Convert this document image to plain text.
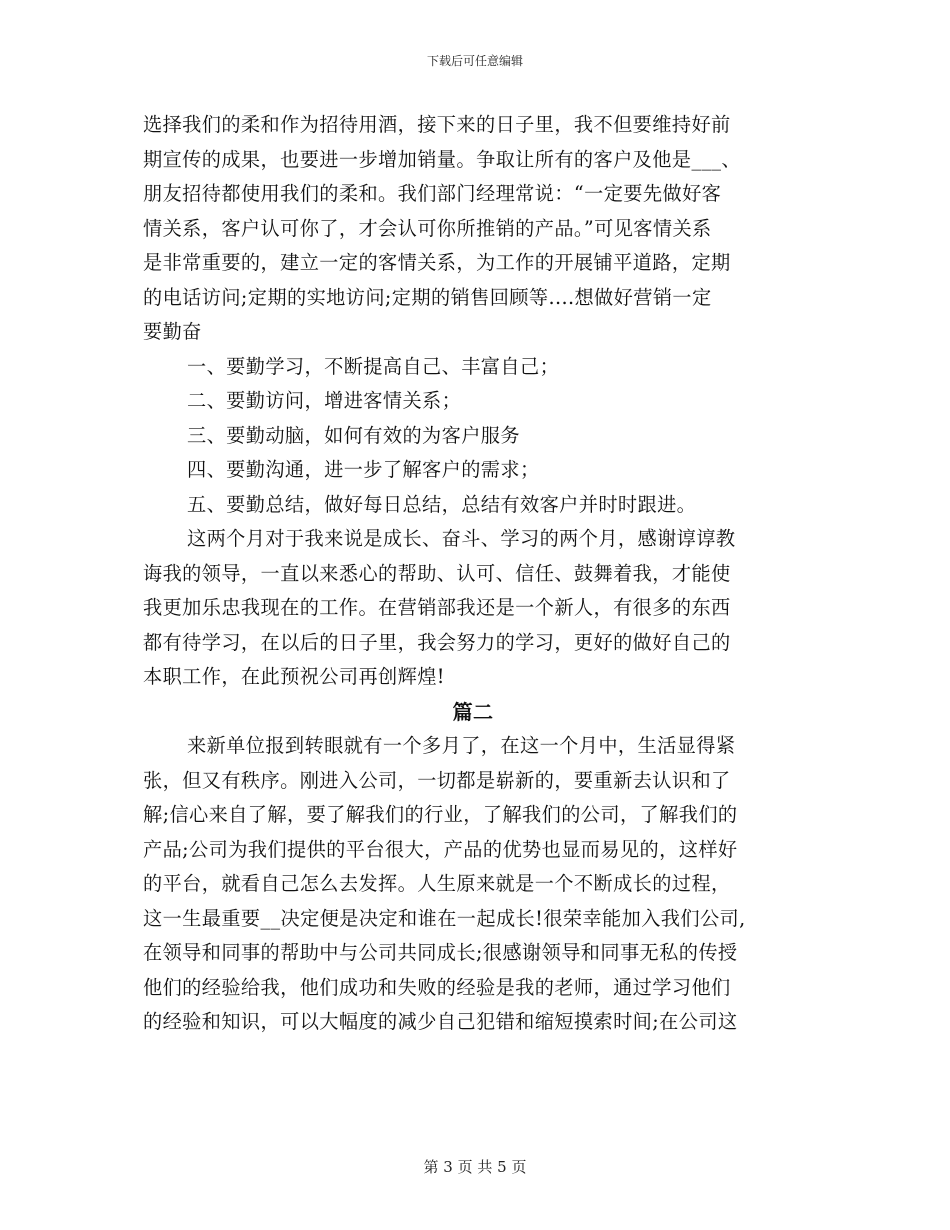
下载后可任意编辑
选择我们的柔和作为招待用酒，接下来的日子里，我不但要维持好前
期宣传的成果，也要进一步增加销量。争取让所有的客户及他是___、
朋友招待都使用我们的柔和。我们部门经理常说：“一定要先做好客
情关系，客户认可你了，才会认可你所推销的产品。”可见客情关系
是非常重要的，建立一定的客情关系，为工作的开展铺平道路，定期
的电话访问;定期的实地访问;定期的销售回顾等....想做好营销一定
要勤奋
一、要勤学习，不断提高自己、丰富自己；
二、要勤访问，增进客情关系；
三、要勤动脑，如何有效的为客户服务
四、要勤沟通，进一步了解客户的需求；
五、要勤总结，做好每日总结，总结有效客户并时时跟进。
这两个月对于我来说是成长、奋斗、学习的两个月，感谢谆谆教
诲我的领导，一直以来悉心的帮助、认可、信任、鼓舞着我，才能使
我更加乐忠我现在的工作。在营销部我还是一个新人，有很多的东西
都有待学习，在以后的日子里，我会努力的学习，更好的做好自己的
本职工作，在此预祝公司再创辉煌!
篇二
来新单位报到转眼就有一个多月了，在这一个月中，生活显得紧
张，但又有秩序。刚进入公司，一切都是崭新的，要重新去认识和了
解;信心来自了解，要了解我们的行业，了解我们的公司，了解我们的
产品;公司为我们提供的平台很大，产品的优势也显而易见的，这样好
的平台，就看自己怎么去发挥。人生原来就是一个不断成长的过程，
这一生最重要__决定便是决定和谁在一起成长!很荣幸能加入我们公司,
在领导和同事的帮助中与公司共同成长;很感谢领导和同事无私的传授
他们的经验给我，他们成功和失败的经验是我的老师，通过学习他们
的经验和知识，可以大幅度的减少自己犯错和缩短摸索时间;在公司这
第 3 页 共 5 页
